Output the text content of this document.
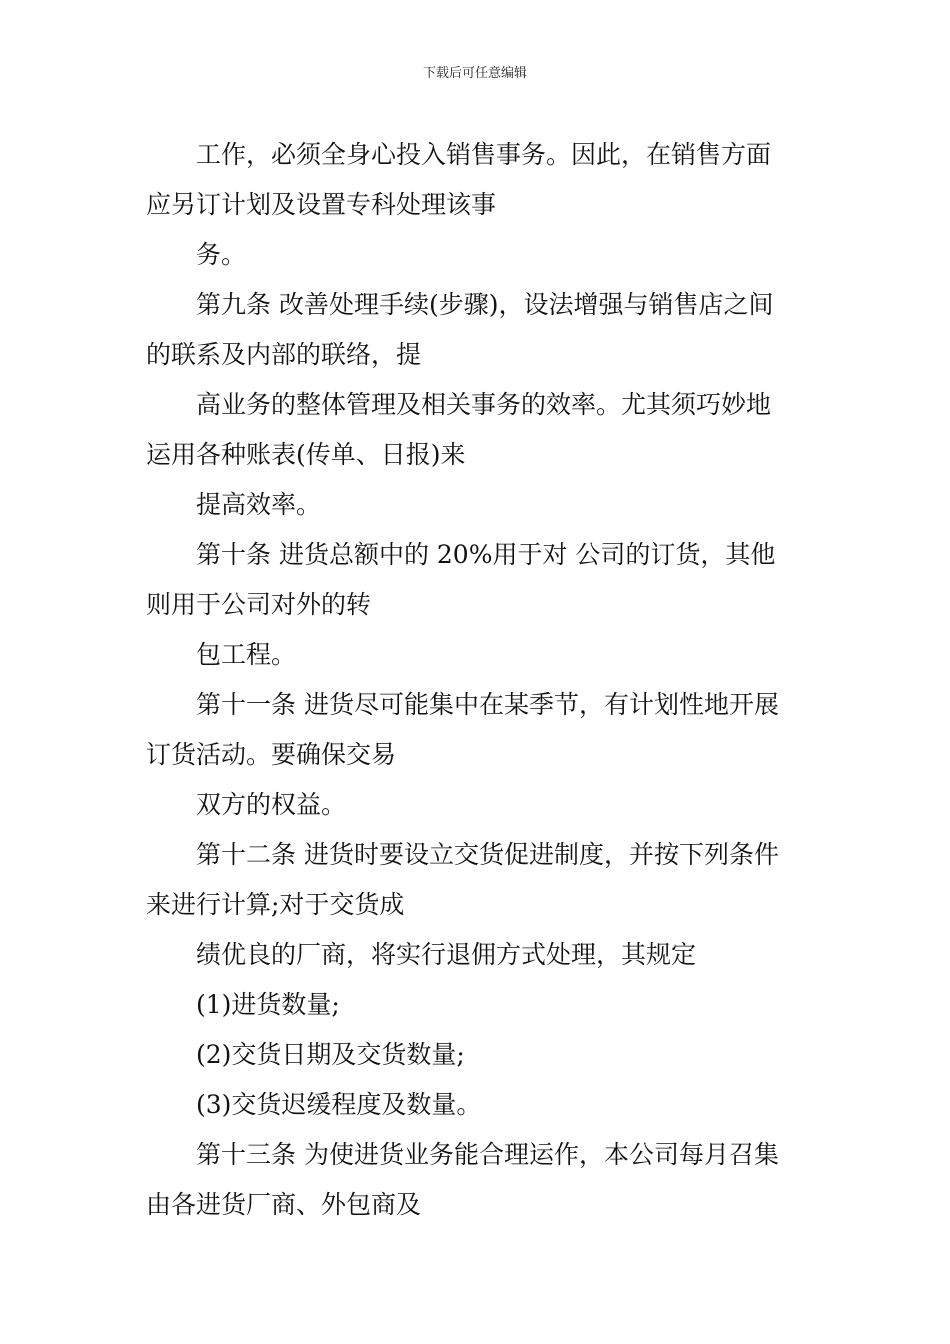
下载后可任意编辑
工作，必须全身心投入销售事务。因此，在销售方面
应另订计划及设置专科处理该事
务。
第九条 改善处理手续(步骤)，设法增强与销售店之间
的联系及内部的联络，提
高业务的整体管理及相关事务的效率。尤其须巧妙地
运用各种账表(传单、日报)来
提高效率。
第十条 进货总额中的 20%用于对 公司的订货，其他
则用于公司对外的转
包工程。
第十一条 进货尽可能集中在某季节，有计划性地开展
订货活动。要确保交易
双方的权益。
第十二条 进货时要设立交货促进制度，并按下列条件
来进行计算;对于交货成
绩优良的厂商，将实行退佣方式处理，其规定
(1)进货数量;
(2)交货日期及交货数量;
(3)交货迟缓程度及数量。
第十三条 为使进货业务能合理运作，本公司每月召集
由各进货厂商、外包商及
